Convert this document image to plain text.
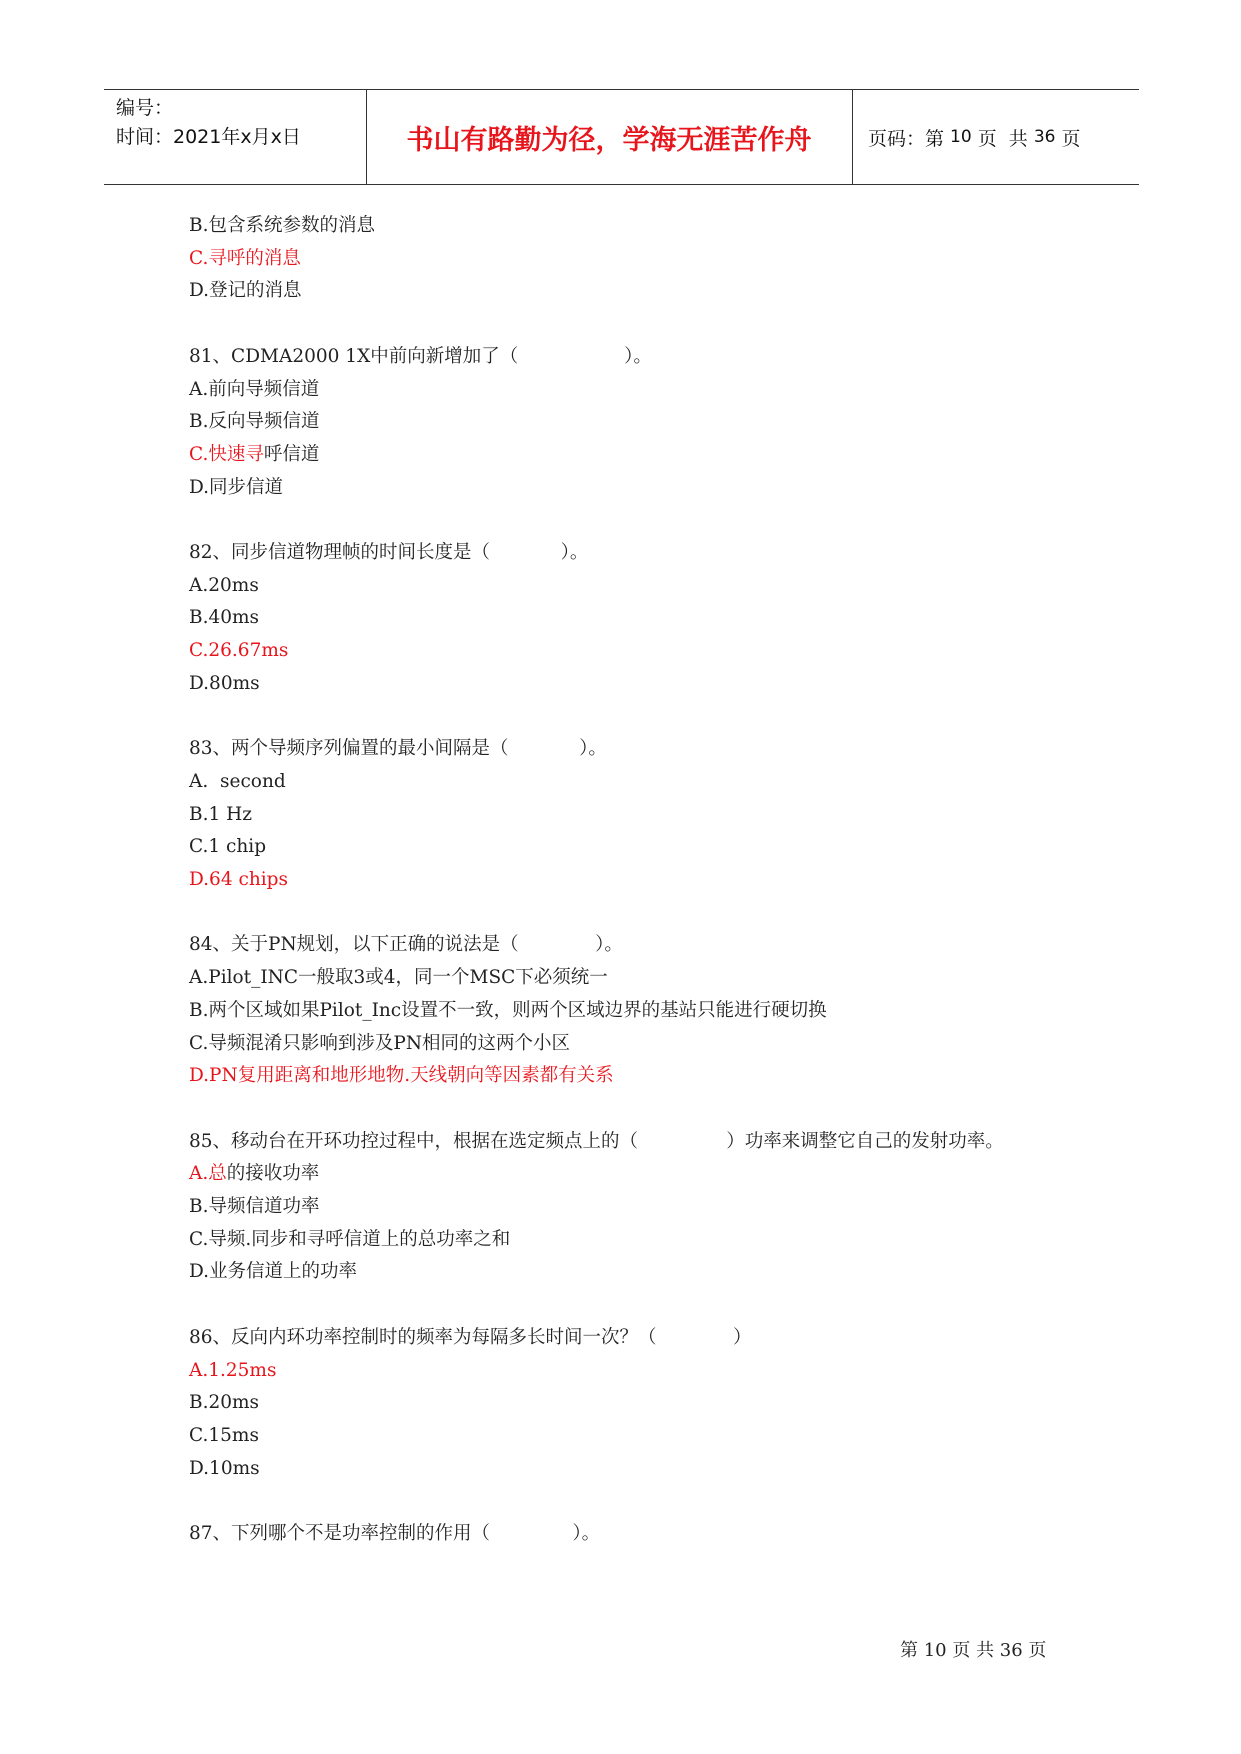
编号：
时间：2021年x月x日	书山有路勤为径，学海无涯苦作舟	页码：第 10 页  共 36 页
B.包含系统参数的消息
C.寻呼的消息
D.登记的消息
81、CDMA2000 1X中前向新增加了（                  ）。
A.前向导频信道
B.反向导频信道
C.快速寻呼信道
D.同步信道
82、同步信道物理帧的时间长度是（            ）。
A.20ms
B.40ms
C.26.67ms
D.80ms
83、两个导频序列偏置的最小间隔是（            ）。
A.  second
B.1 Hz
C.1 chip
D.64 chips
84、关于PN规划，以下正确的说法是（             ）。
A.Pilot_INC一般取3或4，同一个MSC下必须统一
B.两个区域如果Pilot_Inc设置不一致，则两个区域边界的基站只能进行硬切换
C.导频混淆只影响到涉及PN相同的这两个小区
D.PN复用距离和地形地物.天线朝向等因素都有关系
85、移动台在开环功控过程中，根据在选定频点上的（               ）功率来调整它自己的发射功率。
A.总的接收功率
B.导频信道功率
C.导频.同步和寻呼信道上的总功率之和
D.业务信道上的功率
86、反向内环功率控制时的频率为每隔多长时间一次？（             ）
A.1.25ms
B.20ms
C.15ms
D.10ms
87、下列哪个不是功率控制的作用（              ）。
第 10 页 共 36 页
